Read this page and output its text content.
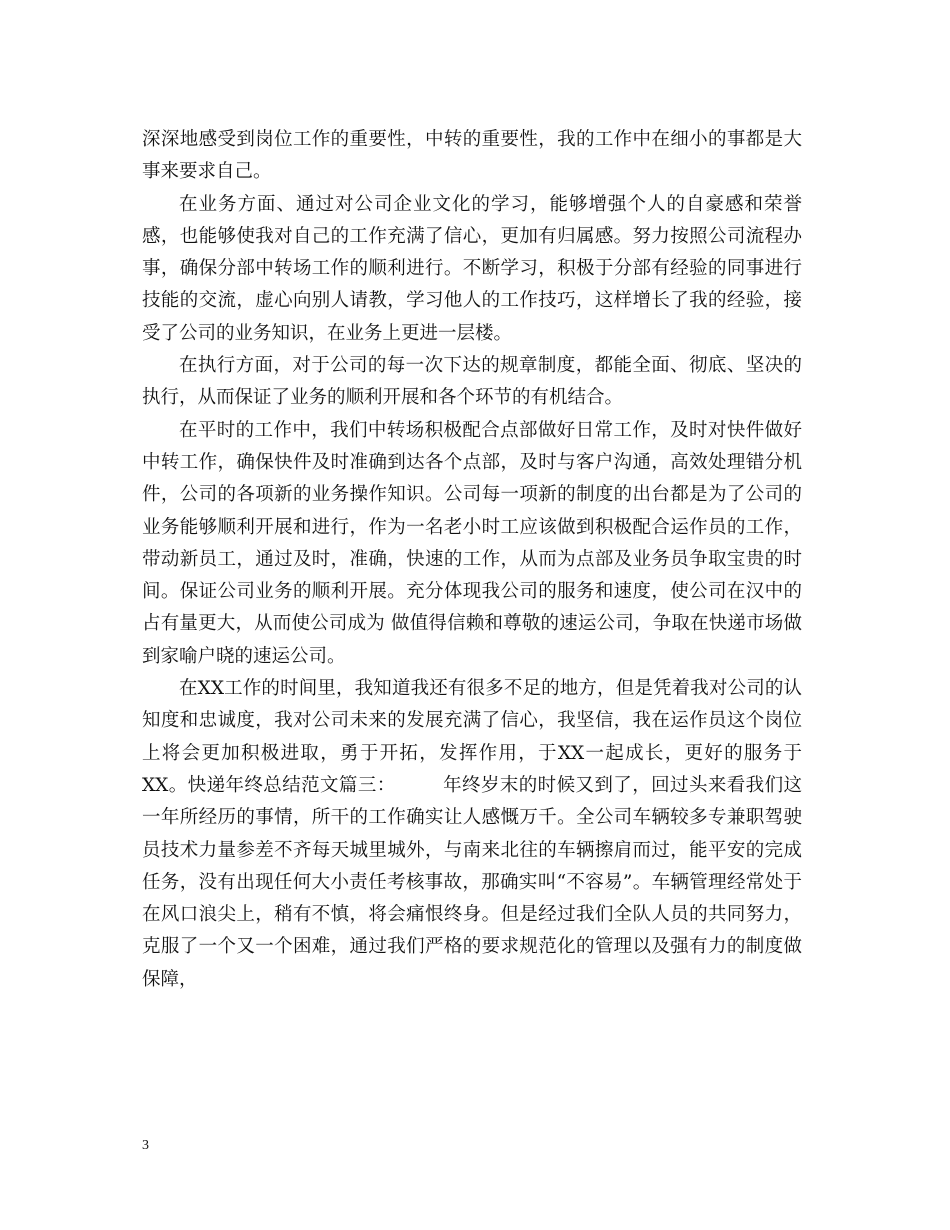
深深地感受到岗位工作的重要性，中转的重要性，我的工作中在细小的事都是大事来要求自己。

在业务方面、通过对公司企业文化的学习，能够增强个人的自豪感和荣誉感，也能够使我对自己的工作充满了信心，更加有归属感。努力按照公司流程办事，确保分部中转场工作的顺利进行。不断学习，积极于分部有经验的同事进行技能的交流，虚心向别人请教，学习他人的工作技巧，这样增长了我的经验，接受了公司的业务知识，在业务上更进一层楼。

在执行方面，对于公司的每一次下达的规章制度，都能全面、彻底、坚决的执行，从而保证了业务的顺利开展和各个环节的有机结合。

在平时的工作中，我们中转场积极配合点部做好日常工作，及时对快件做好中转工作，确保快件及时准确到达各个点部，及时与客户沟通，高效处理错分机件，公司的各项新的业务操作知识。公司每一项新的制度的出台都是为了公司的业务能够顺利开展和进行，作为一名老小时工应该做到积极配合运作员的工作，带动新员工，通过及时，准确，快速的工作，从而为点部及业务员争取宝贵的时间。保证公司业务的顺利开展。充分体现我公司的服务和速度，使公司在汉中的占有量更大，从而使公司成为 做值得信赖和尊敬的速运公司，争取在快递市场做到家喻户晓的速运公司。

在XX工作的时间里，我知道我还有很多不足的地方，但是凭着我对公司的认知度和忠诚度，我对公司未来的发展充满了信心，我坚信，我在运作员这个岗位上将会更加积极进取，勇于开拓，发挥作用，于XX一起成长，更好的服务于XX。快递年终总结范文篇三：　　　年终岁末的时候又到了，回过头来看我们这一年所经历的事情，所干的工作确实让人感慨万千。全公司车辆较多专兼职驾驶员技术力量参差不齐每天城里城外，与南来北往的车辆擦肩而过，能平安的完成任务，没有出现任何大小责任考核事故，那确实叫“不容易”。车辆管理经常处于在风口浪尖上，稍有不慎，将会痛恨终身。但是经过我们全队人员的共同努力，克服了一个又一个困难，通过我们严格的要求规范化的管理以及强有力的制度做保障，

3
